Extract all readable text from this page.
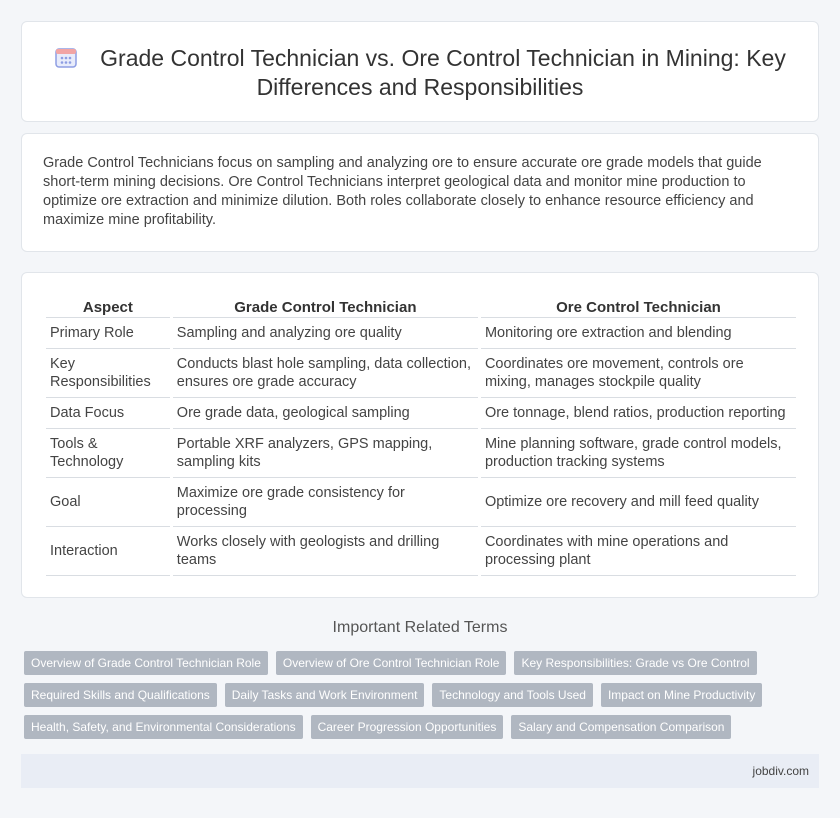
Grade Control Technician vs. Ore Control Technician in Mining: Key Differences and Responsibilities

Grade Control Technicians focus on sampling and analyzing ore to ensure accurate ore grade models that guide short-term mining decisions. Ore Control Technicians interpret geological data and monitor mine production to optimize ore extraction and minimize dilution. Both roles collaborate closely to enhance resource efficiency and maximize mine profitability.

Aspect	Grade Control Technician	Ore Control Technician
Primary Role	Sampling and analyzing ore quality	Monitoring ore extraction and blending
Key Responsibilities	Conducts blast hole sampling, data collection, ensures ore grade accuracy	Coordinates ore movement, controls ore mixing, manages stockpile quality
Data Focus	Ore grade data, geological sampling	Ore tonnage, blend ratios, production reporting
Tools & Technology	Portable XRF analyzers, GPS mapping, sampling kits	Mine planning software, grade control models, production tracking systems
Goal	Maximize ore grade consistency for processing	Optimize ore recovery and mill feed quality
Interaction	Works closely with geologists and drilling teams	Coordinates with mine operations and processing plant
Important Related Terms
Overview of Grade Control Technician Role	Overview of Ore Control Technician Role	Key Responsibilities: Grade vs Ore Control
Required Skills and Qualifications	Daily Tasks and Work Environment	Technology and Tools Used	Impact on Mine Productivity
Health, Safety, and Environmental Considerations	Career Progression Opportunities	Salary and Compensation Comparison
jobdiv.com
